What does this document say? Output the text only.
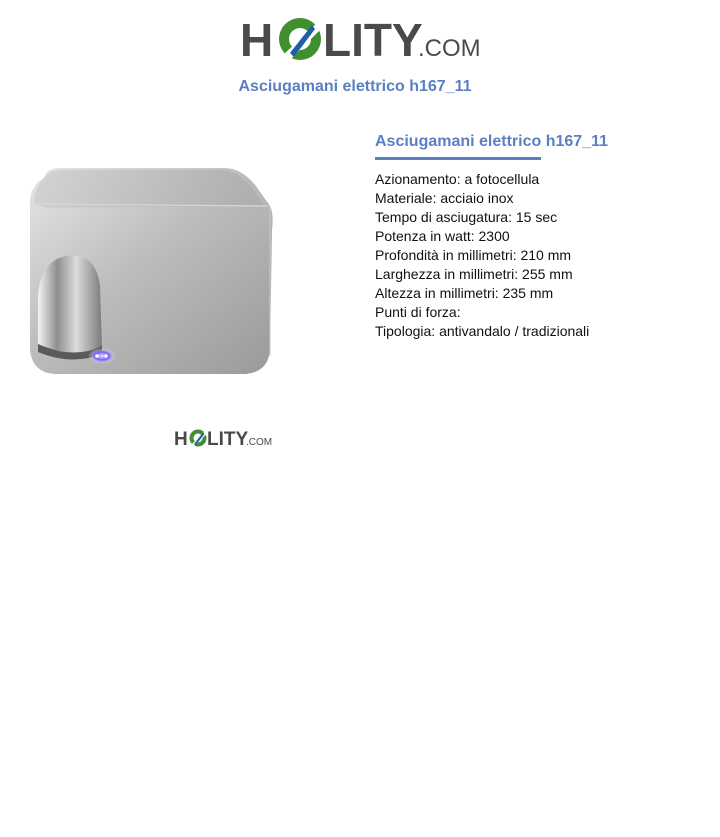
H LITY
.COM
Asciugamani elettrico h167_11
H LITY
.COM
Asciugamani elettrico h167_11
Azionamento: a fotocellula
Materiale: acciaio inox
Tempo di asciugatura: 15 sec
Potenza in watt: 2300
Profondità in millimetri: 210 mm
Larghezza in millimetri: 255 mm
Altezza in millimetri: 235 mm
Punti di forza:
Tipologia: antivandalo / tradizionali
